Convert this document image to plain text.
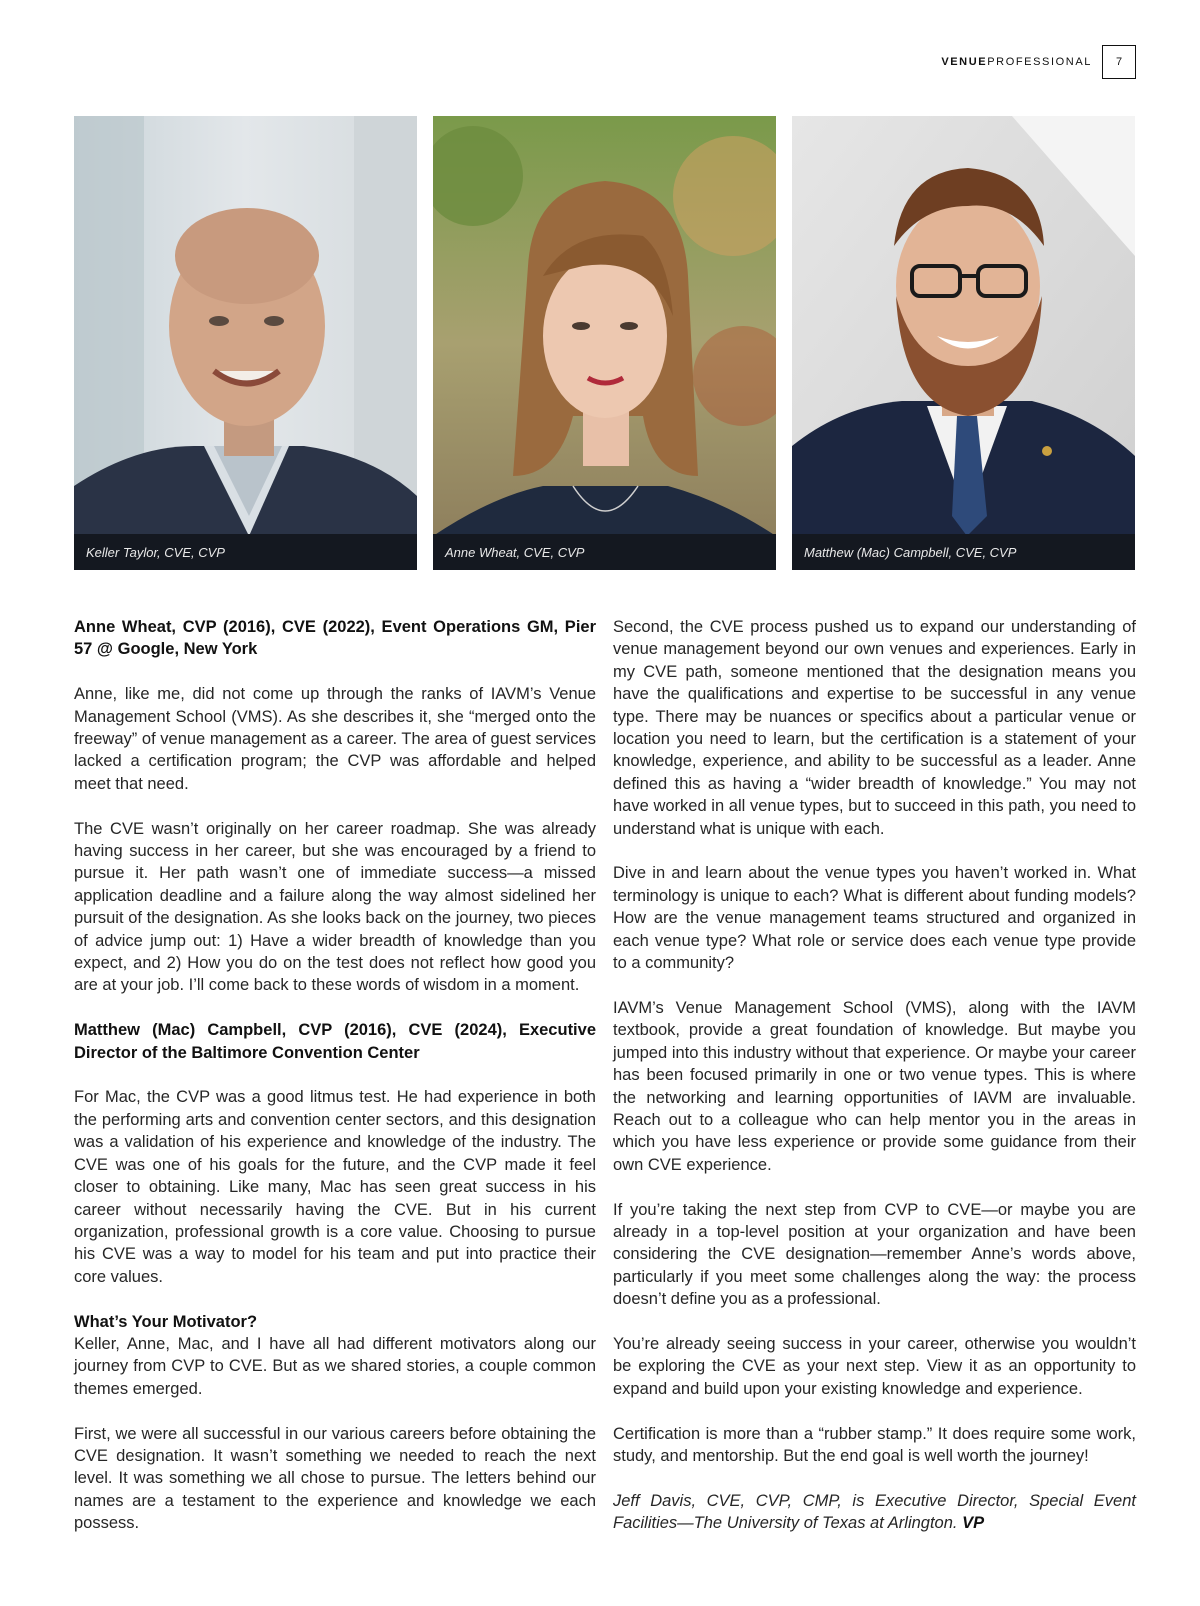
VENUEPROFESSIONAL	7
Keller Taylor, CVE, CVP	Anne Wheat, CVE, CVP	Matthew (Mac) Campbell, CVE, CVP

Anne Wheat, CVP (2016), CVE (2022), Event Operations GM, Pier 57 @ Google, New York

Anne, like me, did not come up through the ranks of IAVM’s Venue Management School (VMS). As she describes it, she “merged onto the freeway” of venue management as a career. The area of guest services lacked a certification program; the CVP was affordable and helped meet that need.

The CVE wasn’t originally on her career roadmap. She was already having success in her career, but she was encouraged by a friend to pursue it. Her path wasn’t one of immediate success—a missed application deadline and a failure along the way almost sidelined her pursuit of the designation. As she looks back on the journey, two pieces of advice jump out: 1) Have a wider breadth of knowledge than you expect, and 2) How you do on the test does not reflect how good you are at your job. I’ll come back to these words of wisdom in a moment.

Matthew (Mac) Campbell, CVP (2016), CVE (2024), Executive Director of the Baltimore Convention Center

For Mac, the CVP was a good litmus test. He had experience in both the performing arts and convention center sectors, and this designation was a validation of his experience and knowledge of the industry. The CVE was one of his goals for the future, and the CVP made it feel closer to obtaining. Like many, Mac has seen great success in his career without necessarily having the CVE. But in his current organization, professional growth is a core value. Choosing to pursue his CVE was a way to model for his team and put into practice their core values.

What’s Your Motivator?

Keller, Anne, Mac, and I have all had different motivators along our journey from CVP to CVE. But as we shared stories, a couple common themes emerged.

First, we were all successful in our various careers before obtaining the CVE designation. It wasn’t something we needed to reach the next level. It was something we all chose to pursue. The letters behind our names are a testament to the experience and knowledge we each possess.

Second, the CVE process pushed us to expand our understanding of venue management beyond our own venues and experiences. Early in my CVE path, someone mentioned that the designation means you have the qualifications and expertise to be successful in any venue type. There may be nuances or specifics about a particular venue or location you need to learn, but the certification is a statement of your knowledge, experience, and ability to be successful as a leader. Anne defined this as having a “wider breadth of knowledge.” You may not have worked in all venue types, but to succeed in this path, you need to understand what is unique with each.

Dive in and learn about the venue types you haven’t worked in. What terminology is unique to each? What is different about funding models? How are the venue management teams structured and organized in each venue type? What role or service does each venue type provide to a community?

IAVM’s Venue Management School (VMS), along with the IAVM textbook, provide a great foundation of knowledge. But maybe you jumped into this industry without that experience. Or maybe your career has been focused primarily in one or two venue types. This is where the networking and learning opportunities of IAVM are invaluable. Reach out to a colleague who can help mentor you in the areas in which you have less experience or provide some guidance from their own CVE experience.

If you’re taking the next step from CVP to CVE—or maybe you are already in a top-level position at your organization and have been considering the CVE designation—remember Anne’s words above, particularly if you meet some challenges along the way: the process doesn’t define you as a professional.

You’re already seeing success in your career, otherwise you wouldn’t be exploring the CVE as your next step. View it as an opportunity to expand and build upon your existing knowledge and experience.

Certification is more than a “rubber stamp.” It does require some work, study, and mentorship. But the end goal is well worth the journey!

Jeff Davis, CVE, CVP, CMP, is Executive Director, Special Event Facilities—The University of Texas at Arlington. VP
